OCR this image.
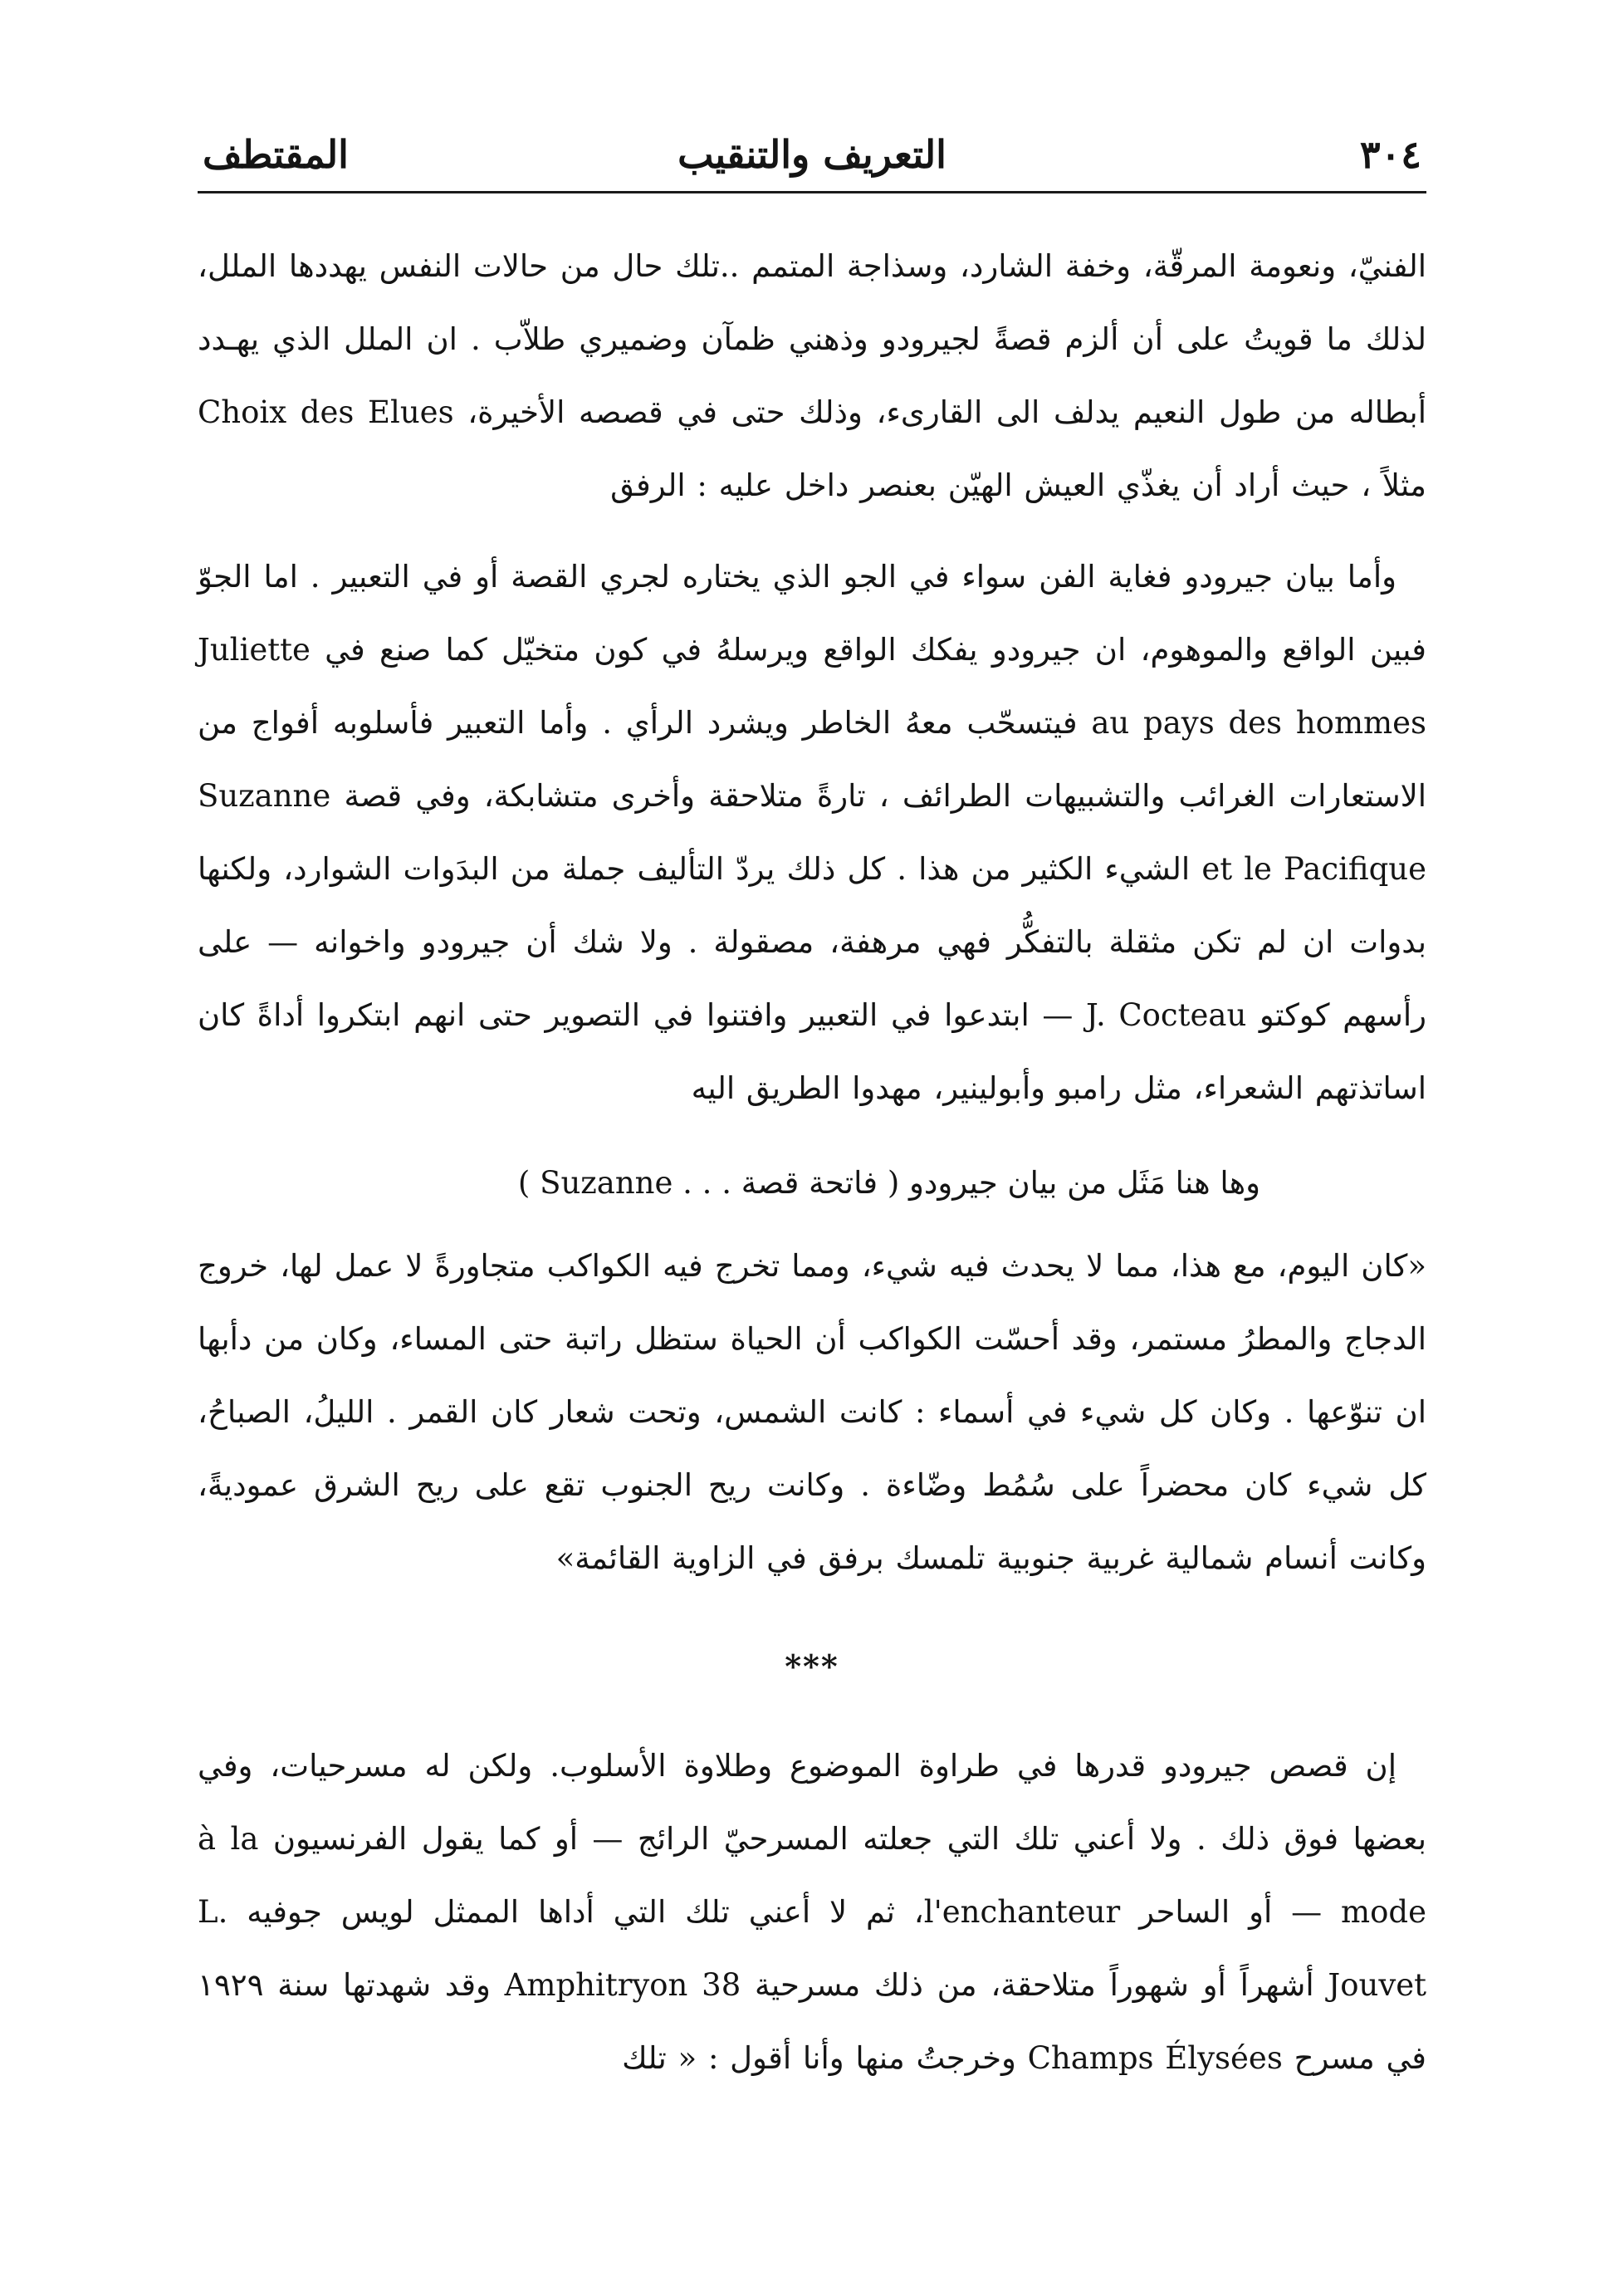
٣٠٤
التعريف والتنقيب
المقتطف

الفنيّ، ونعومة المرقّة، وخفة الشارد، وسذاجة المتمم ..تلك حال من حالات النفس يهددها الملل، لذلك ما قويتُ على أن ألزم قصةً لجيرودو وذهني ظمآن وضميري طلاّب . ان الملل الذي يهـدد أبطاله من طول النعيم يدلف الى القارىء، وذلك حتى في قصصه الأخيرة، Choix des Elues مثلاً ، حيث أراد أن يغذّي العيش الهيّن بعنصر داخل عليه : الرفق

وأما بيان جيرودو فغاية الفن سواء في الجو الذي يختاره لجري القصة أو في التعبير . اما الجوّ فبين الواقع والموهوم، ان جيرودو يفكك الواقع ويرسلهُ في كون متخيّل كما صنع في Juliette au pays des hommes فيتسحّب معهُ الخاطر ويشرد الرأي . وأما التعبير فأسلوبه أفواج من الاستعارات الغرائب والتشبيهات الطرائف ، تارةً متلاحقة وأخرى متشابكة، وفي قصة Suzanne et le Pacifique الشيء الكثير من هذا . كل ذلك يردّ التأليف جملة من البدَوات الشوارد، ولكنها بدوات ان لم تكن مثقلة بالتفكُّر فهي مرهفة، مصقولة . ولا شك أن جيرودو واخوانه — على رأسهم كوكتو J. Cocteau — ابتدعوا في التعبير وافتنوا في التصوير حتى انهم ابتكروا أداةً كان اساتذتهم الشعراء، مثل رامبو وأبولينير، مهدوا الطريق اليه

وها هنا مَثَل من بيان جيرودو ( فاتحة قصة . . . Suzanne )

«كان اليوم، مع هذا، مما لا يحدث فيه شيء، ومما تخرج فيه الكواكب متجاورةً لا عمل لها، خروج الدجاج والمطرُ مستمر، وقد أحسّت الكواكب أن الحياة ستظل راتبة حتى المساء، وكان من دأبها ان تنوّعها . وكان كل شيء في أسماء : كانت الشمس، وتحت شعار كان القمر . الليلُ، الصباحُ، كل شيء كان محضراً على سُمُط وضّاءة . وكانت ريح الجنوب تقع على ريح الشرق عموديةً، وكانت أنسام شمالية غربية جنوبية تلمسك برفق في الزاوية القائمة»

***

إن قصص جيرودو قدرها في طراوة الموضوع وطلاوة الأسلوب. ولكن له مسرحيات، وفي بعضها فوق ذلك . ولا أعني تلك التي جعلته المسرحيّ الرائج — أو كما يقول الفرنسيون à la mode — أو الساحر l'enchanteur، ثم لا أعني تلك التي أداها الممثل لويس جوفيه L. Jouvet أشهراً أو شهوراً متلاحقة، من ذلك مسرحية Amphitryon 38 وقد شهدتها سنة ١٩٢٩ في مسرح Champs Élysées وخرجتُ منها وأنا أقول : « تلك
